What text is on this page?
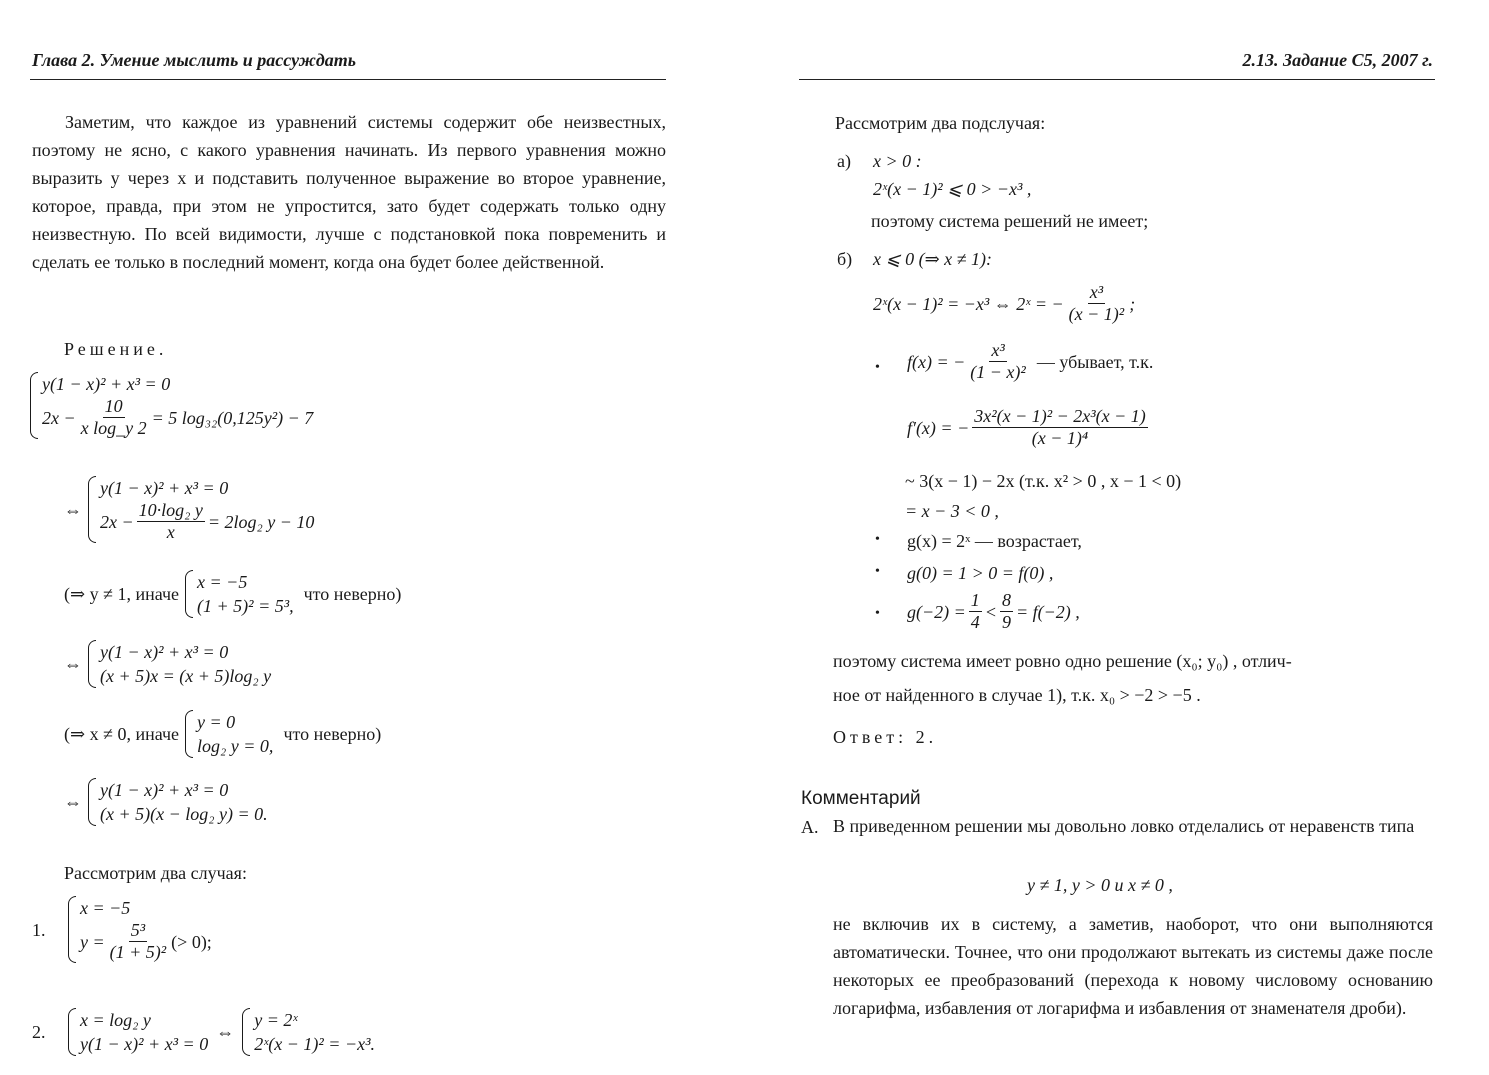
Глава 2. Умение мыслить и рассуждать
Заметим, что каждое из уравнений системы содержит обе неизвестных, поэтому не ясно, с какого уравнения начинать. Из первого уравнения можно выразить y через x и подставить полученное выражение во второе уравнение, которое, правда, при этом не упростится, зато будет содержать только одну неизвестную. По всей видимости, лучше с подстановкой пока повременить и сделать ее только в последний момент, когда она будет более действенной.
Решение.
y(1 − x)² + x³ = 0
$2x - \frac{10}{\text{x log\_y 2}} = 5$ log₃₂(0,125y²) − 7
⇔
y(1 − x)² + x³ = 0
$2x - \frac{\text{10·log₂ y}}{x} = 2\log_2$ y − 10
(⇒ y ≠ 1, иначе
x = −5
(1 + 5)² = 5³,
что неверно)
⇔
y(1 − x)² + x³ = 0
(x + 5)x = (x + 5)log₂ y
(⇒ x ≠ 0, иначе
y = 0
log₂ y = 0,
что неверно)
⇔
y(1 − x)² + x³ = 0
(x + 5)(x − log₂ y) = 0.
Рассмотрим два случая:
1.
x = −5
$y = \frac{\text{5³}}{\text{(1 + 5)²}}$ (> 0);
2.
x = log₂ y
y(1 − x)² + x³ = 0
⇔
y = 2ˣ
2ˣ(x − 1)² = −x³.
2.13. Задание С5, 2007 г.
Рассмотрим два подслучая:
а) x > 0 :
2ˣ(x − 1)² ⩽ 0 > −x³ ,
поэтому система решений не имеет;
б) x ⩽ 0 (⇒ x ≠ 1):
2ˣ(x − 1)² = −x³ ⇔ 2ˣ = − $\frac{\text{x³}}{\text{(x − 1)²}}$ ;
• f(x) = − $\frac{\text{x³}}{\text{(1 − x)²}}$ — убывает, т.к.
f′(x) = − $\frac{\text{3x²(x − 1)² − 2x³(x − 1)}}{\text{(x − 1)⁴}}$
~ 3(x − 1) − 2x (т.к. x² > 0 , x − 1 < 0)
= x − 3 < 0 ,
• g(x) = 2ˣ — возрастает,
• g(0) = 1 > 0 = f(0) ,
• $g(-2) = \frac{1}{4} < \frac{8}{9} = f(-2)$ ,
поэтому система имеет ровно одно решение (x₀; y₀) , отлич-
ное от найденного в случае 1), т.к. x₀ > −2 > −5 .
Ответ: 2.
Комментарий
А. В приведенном решении мы довольно ловко отделались от неравенств типа
y ≠ 1, y > 0 и x ≠ 0 ,
не включив их в систему, а заметив, наоборот, что они выполняются автоматически. Точнее, что они продолжают вытекать из системы даже после некоторых ее преобразований (перехода к новому числовому основанию логарифма, избавления от логарифма и избавления от знаменателя дроби).
